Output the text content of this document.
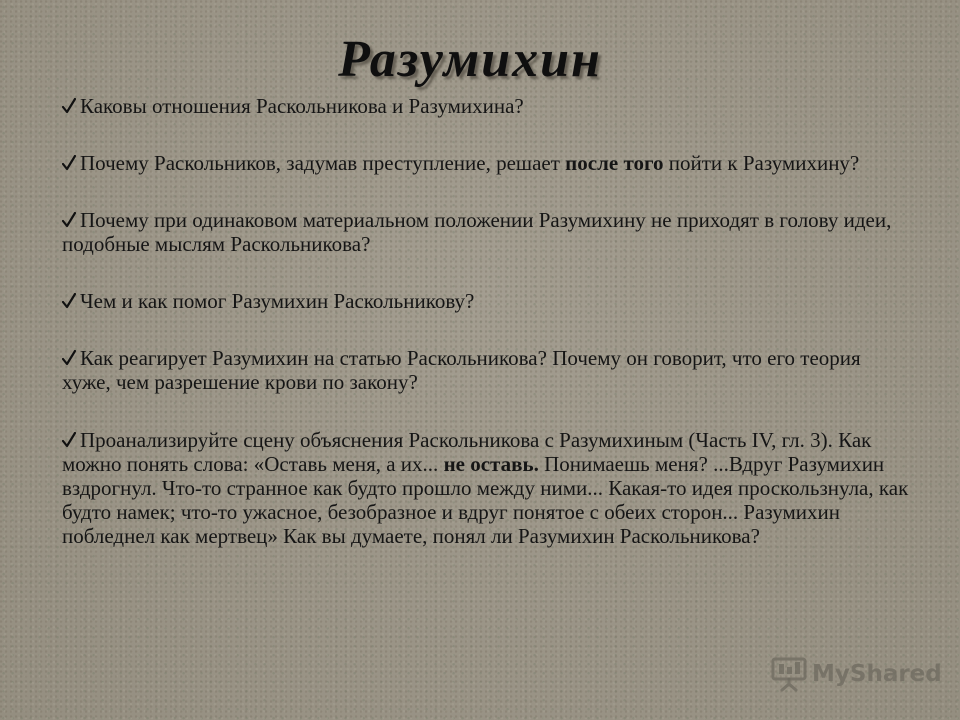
Разумихин
Каковы отношения Раскольникова и Разумихина?
Почему Раскольников, задумав преступление, решает после того пойти к Разумихину?
Почему при одинаковом материальном положении Разумихину не приходят в голову идеи, подобные мыслям Раскольникова?
Чем и как помог Разумихин Раскольникову?
Как реагирует Разумихин на статью Раскольникова? Почему он говорит, что его теория хуже, чем разрешение крови по закону?
Проанализируйте сцену объяснения Раскольникова с Разумихиным (Часть IV, гл. 3). Как можно понять слова: «Оставь меня, а их... не оставь. Понимаешь меня? ...Вдруг Разумихин вздрогнул. Что-то странное как будто прошло между ними... Какая-то идея проскользнула, как будто намек; что-то ужасное, безобразное и вдруг понятое с обеих сторон... Разумихин побледнел как мертвец» Как вы думаете, понял ли Разумихин Раскольникова?
MyShared
